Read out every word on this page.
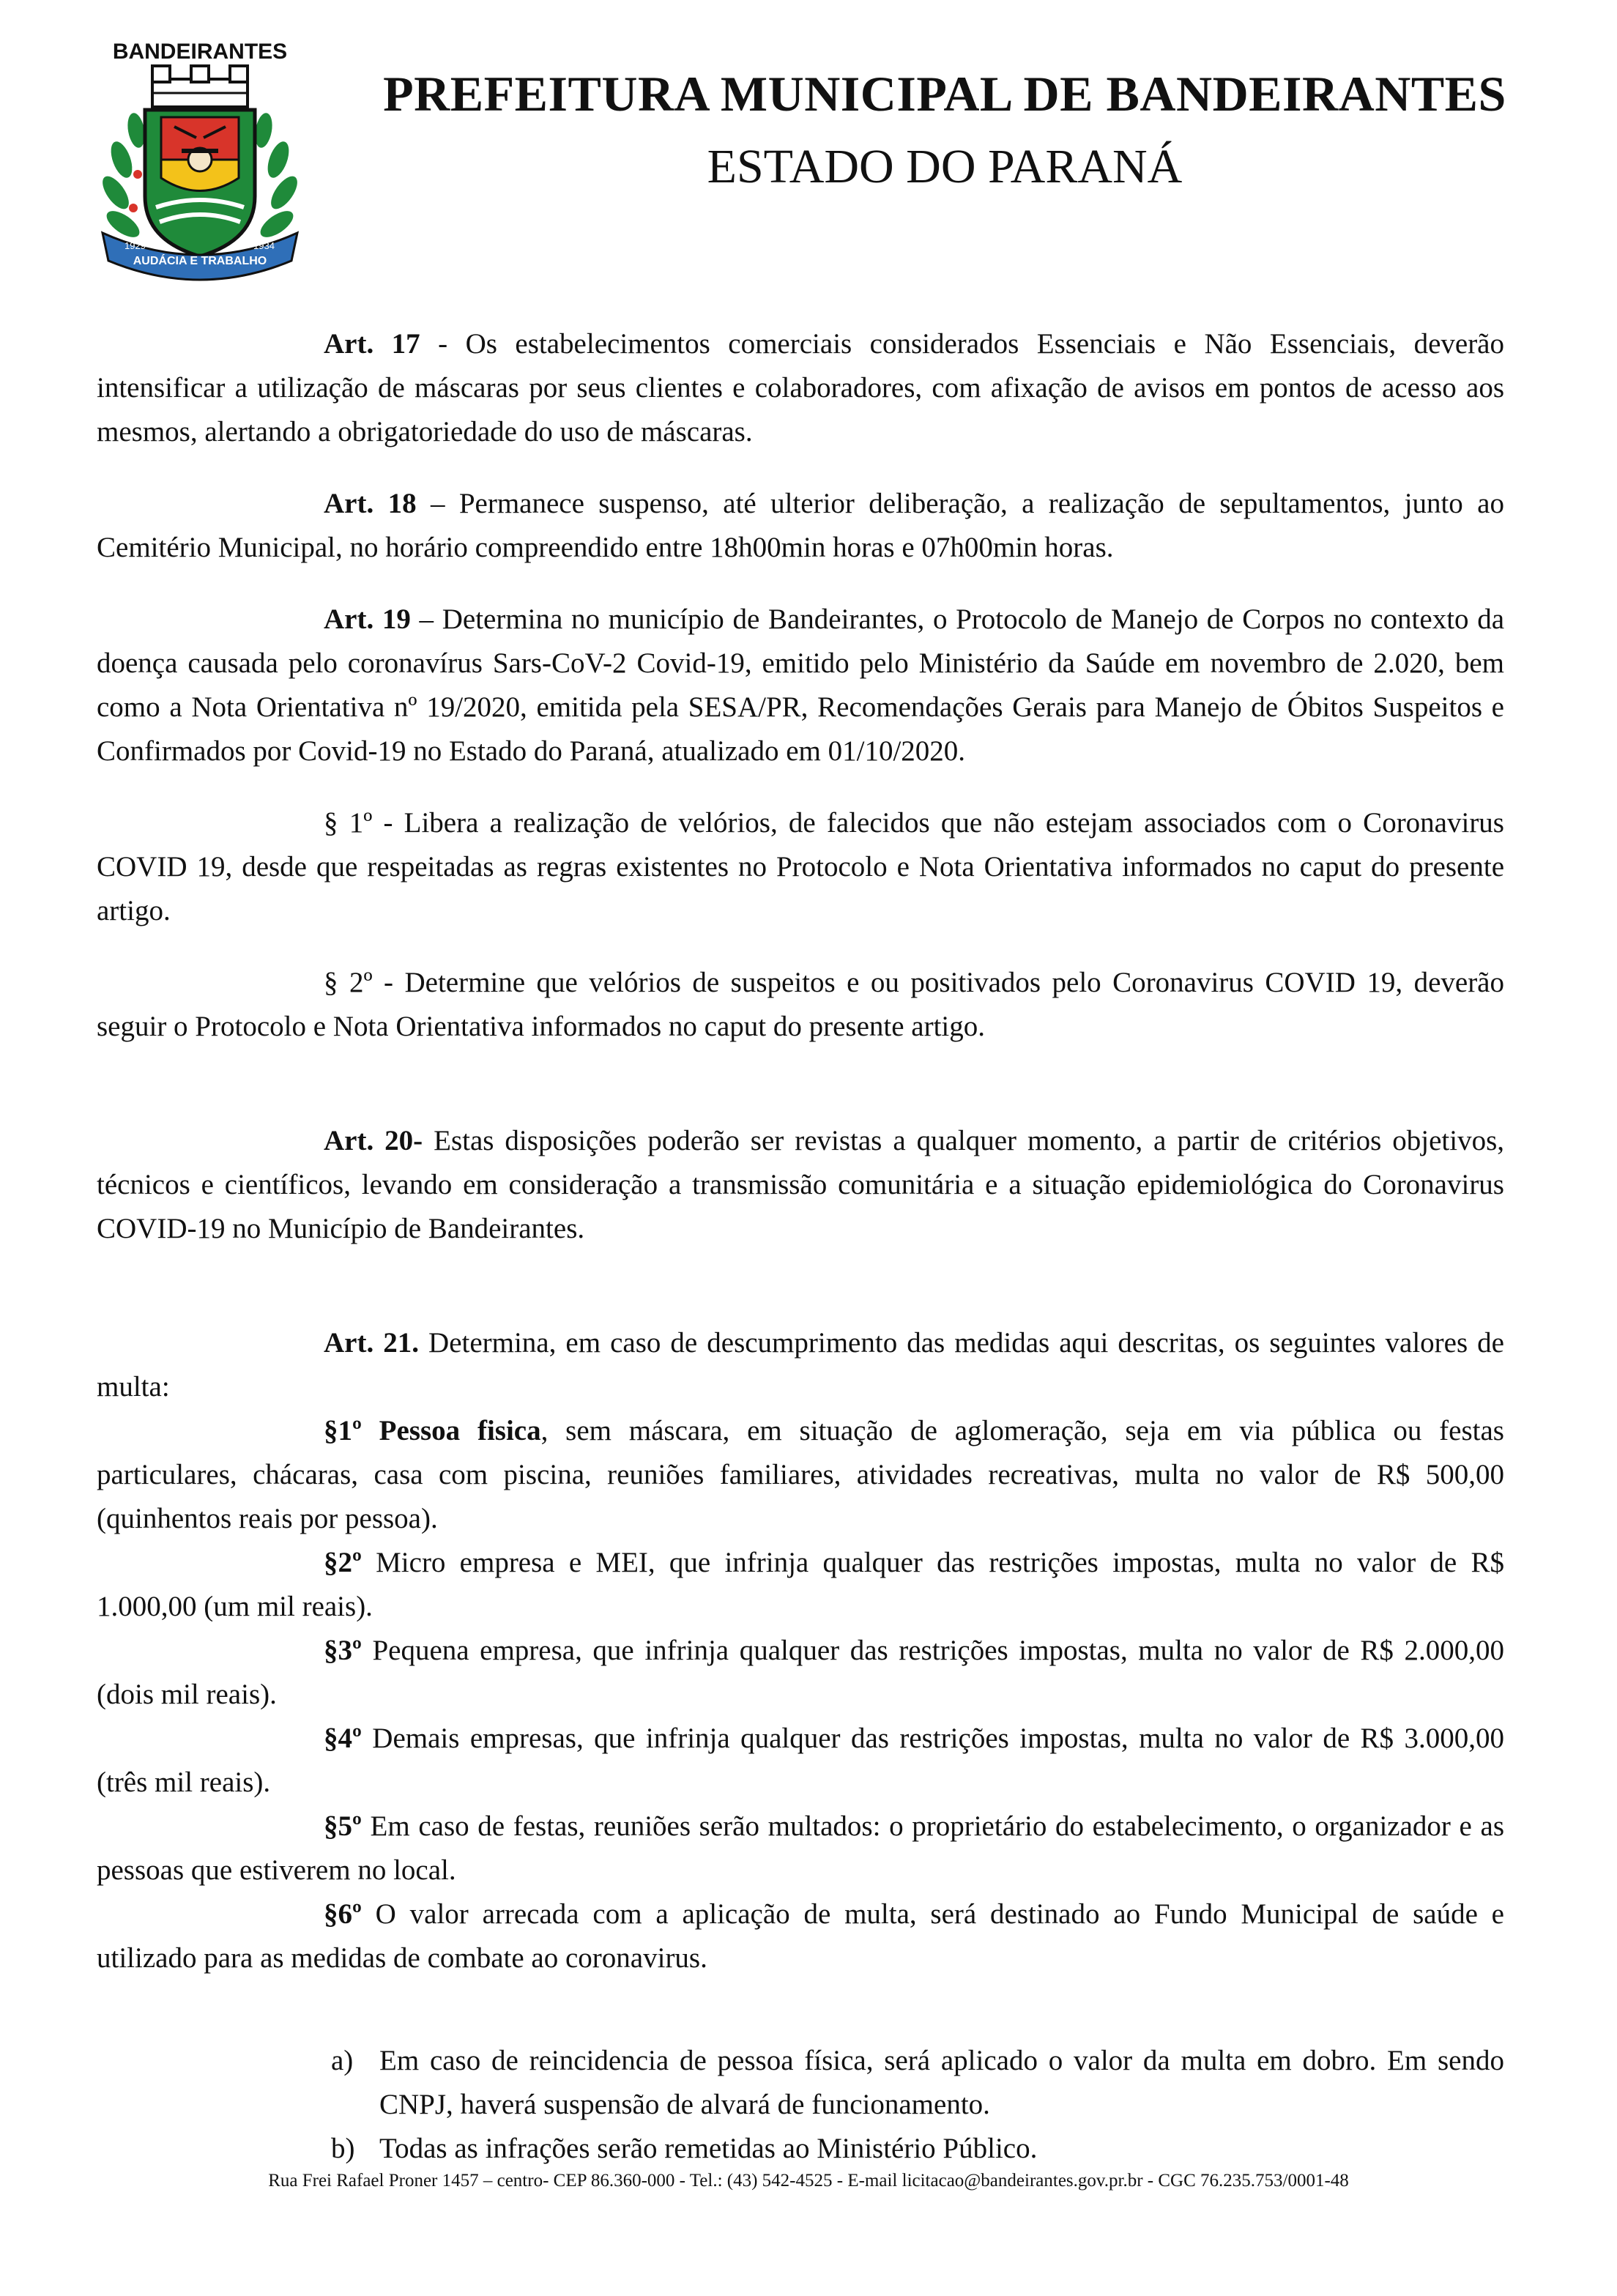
BANDEIRANTES
AUDÁCIA E TRABALHO
1929	1934
PREFEITURA MUNICIPAL DE BANDEIRANTES
ESTADO DO PARANÁ

Art. 17 - Os estabelecimentos comerciais considerados Essenciais e Não Essenciais, deverão intensificar a utilização de máscaras por seus clientes e colaboradores, com afixação de avisos em pontos de acesso aos mesmos, alertando a obrigatoriedade do uso de máscaras.

Art. 18 – Permanece suspenso, até ulterior deliberação, a realização de sepultamentos, junto ao Cemitério Municipal, no horário compreendido entre 18h00min horas e 07h00min horas.

Art. 19 – Determina no município de Bandeirantes, o Protocolo de Manejo de Corpos no contexto da doença causada pelo coronavírus Sars-CoV-2 Covid-19, emitido pelo Ministério da Saúde em novembro de 2.020, bem como a Nota Orientativa nº 19/2020, emitida pela SESA/PR, Recomendações Gerais para Manejo de Óbitos Suspeitos e Confirmados por Covid-19 no Estado do Paraná, atualizado em 01/10/2020.

§ 1º - Libera a realização de velórios, de falecidos que não estejam associados com o Coronavirus COVID 19, desde que respeitadas as regras existentes no Protocolo e Nota Orientativa informados no caput do presente artigo.

§ 2º - Determine que velórios de suspeitos e ou positivados pelo Coronavirus COVID 19, deverão seguir o Protocolo e Nota Orientativa informados no caput do presente artigo.

Art. 20- Estas disposições poderão ser revistas a qualquer momento, a partir de critérios objetivos, técnicos e científicos, levando em consideração a transmissão comunitária e a situação epidemiológica do Coronavirus COVID-19 no Município de Bandeirantes.

Art. 21. Determina, em caso de descumprimento das medidas aqui descritas, os seguintes valores de multa:

§1º Pessoa fisica, sem máscara, em situação de aglomeração, seja em via pública ou festas particulares, chácaras, casa com piscina, reuniões familiares, atividades recreativas, multa no valor de R$ 500,00 (quinhentos reais por pessoa).

§2º Micro empresa e MEI, que infrinja qualquer das restrições impostas, multa no valor de R$ 1.000,00 (um mil reais).

§3º Pequena empresa, que infrinja qualquer das restrições impostas, multa no valor de R$ 2.000,00 (dois mil reais).

§4º Demais empresas, que infrinja qualquer das restrições impostas, multa no valor de R$ 3.000,00 (três mil reais).

§5º Em caso de festas, reuniões serão multados: o proprietário do estabelecimento, o organizador e as pessoas que estiverem no local.

§6º O valor arrecada com a aplicação de multa, será destinado ao Fundo Municipal de saúde e utilizado para as medidas de combate ao coronavirus.

a) Em caso de reincidencia de pessoa física, será aplicado o valor da multa em dobro. Em sendo CNPJ, haverá suspensão de alvará de funcionamento.
b) Todas as infrações serão remetidas ao Ministério Público.
Rua Frei Rafael Proner 1457 – centro- CEP 86.360-000 - Tel.: (43) 542-4525 - E-mail licitacao@bandeirantes.gov.pr.br - CGC 76.235.753/0001-48
